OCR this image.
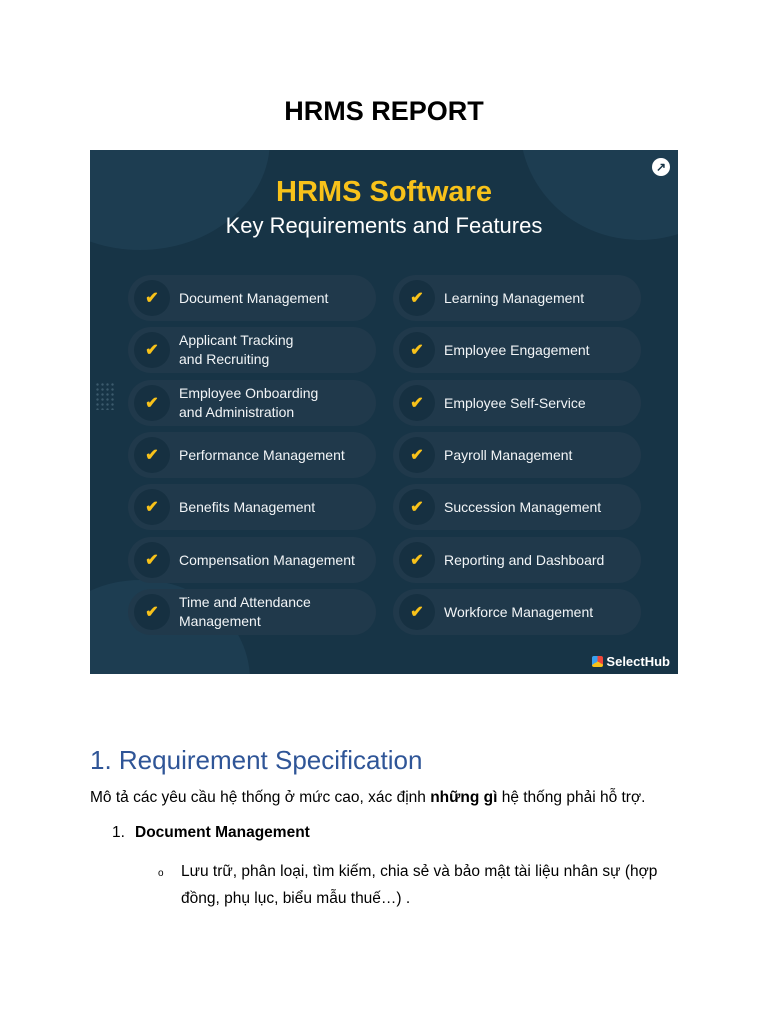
HRMS REPORT
↗
HRMS Software
Key Requirements and Features
✔	Document Management
✔
Applicant Tracking
and Recruiting
✔
Employee Onboarding
and Administration
✔	Performance Management
✔	Benefits Management
✔	Compensation Management
✔
Time and Attendance
Management
✔	Learning Management
✔	Employee Engagement
✔	Employee Self-Service
✔	Payroll Management
✔	Succession Management
✔	Reporting and Dashboard
✔	Workforce Management
SelectHub
1. Requirement Specification
Mô tả các yêu cầu hệ thống ở mức cao, xác định những gì hệ thống phải hỗ trợ.
1. Document Management
o Lưu trữ, phân loại, tìm kiếm, chia sẻ và bảo mật tài liệu nhân sự (hợp đồng, phụ lục, biểu mẫu thuế…) .
